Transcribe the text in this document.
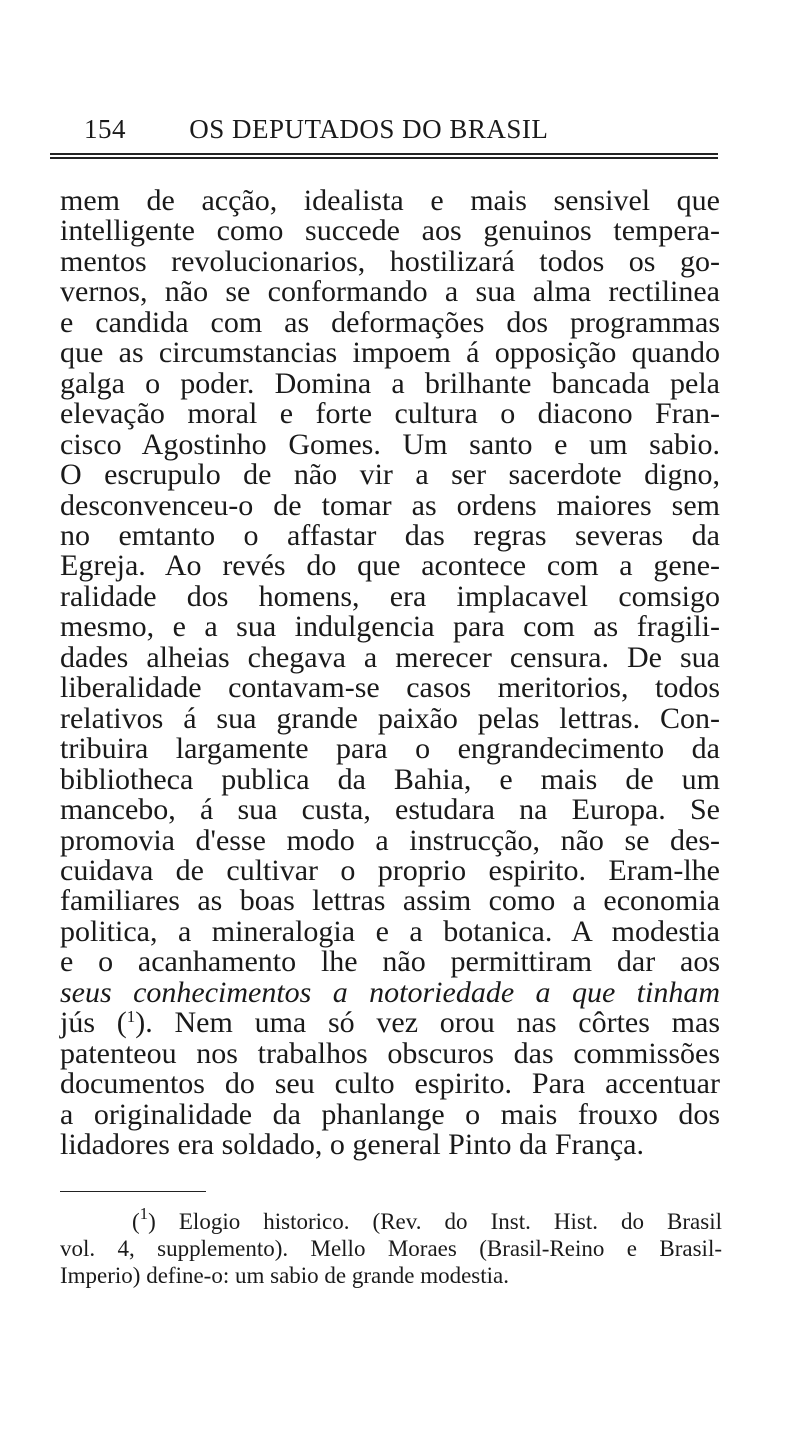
154 OS DEPUTADOS DO BRASIL
mem de acção, idealista e mais sensivel que
intelligente como succede aos genuinos tempera-
mentos revolucionarios, hostilizará todos os go-
vernos, não se conformando a sua alma rectilinea
e candida com as deformações dos programmas
que as circumstancias impoem á opposição quando
galga o poder. Domina a brilhante bancada pela
elevação moral e forte cultura o diacono Fran-
cisco Agostinho Gomes. Um santo e um sabio.
O escrupulo de não vir a ser sacerdote digno,
desconvenceu-o de tomar as ordens maiores sem
no emtanto o affastar das regras severas da
Egreja. Ao revés do que acontece com a gene-
ralidade dos homens, era implacavel comsigo
mesmo, e a sua indulgencia para com as fragili-
dades alheias chegava a merecer censura. De sua
liberalidade contavam-se casos meritorios, todos
relativos á sua grande paixão pelas lettras. Con-
tribuira largamente para o engrandecimento da
bibliotheca publica da Bahia, e mais de um
mancebo, á sua custa, estudara na Europa. Se
promovia d'esse modo a instrucção, não se des-
cuidava de cultivar o proprio espirito. Eram-lhe
familiares as boas lettras assim como a economia
politica, a mineralogia e a botanica. A modestia
e o acanhamento lhe não permittiram dar aos
seus conhecimentos a notoriedade a que tinham
jús ($^1$). Nem uma só vez orou nas côrtes mas
patenteou nos trabalhos obscuros das commissões
documentos do seu culto espirito. Para accentuar
a originalidade da phanlange o mais frouxo dos
lidadores era soldado, o general Pinto da França.
($^1$) Elogio historico. (Rev. do Inst. Hist. do Brasil
vol. 4, supplemento). Mello Moraes (Brasil-Reino e Brasil-
Imperio) define-o: um sabio de grande modestia.
